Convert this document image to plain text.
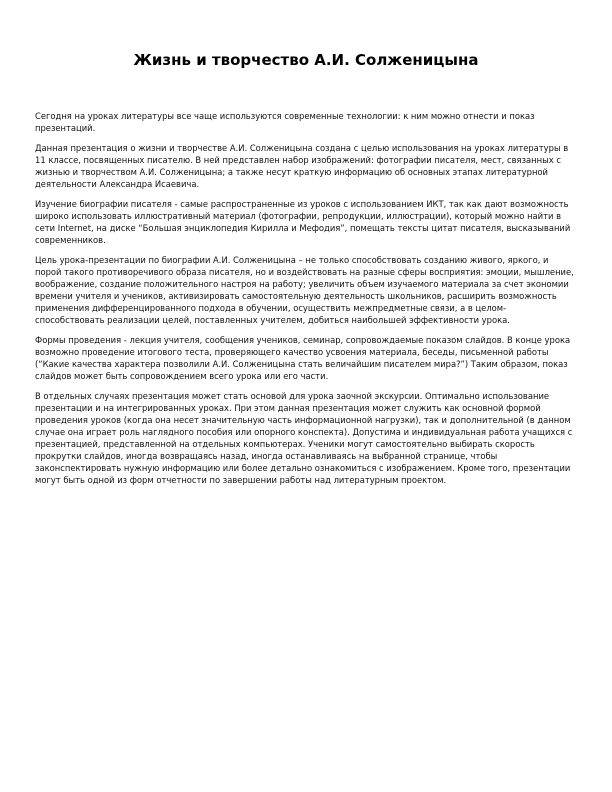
Жизнь и творчество А.И. Солженицына

Сегодня на уроках литературы все чаще используются современные технологии: к ним можно отнести и показ презентаций.

Данная презентация о жизни и творчестве А.И. Солженицына создана с целью использования на уроках литературы в 11 классе, посвященных писателю. В ней представлен набор изображений: фотографии писателя, мест, связанных с жизнью и творчеством А.И. Солженицына; а также несут краткую информацию об основных этапах литературной деятельности Александра Исаевича.

Изучение биографии писателя - самые распространенные из уроков с использованием ИКТ, так как дают возможность широко использовать иллюстративный материал (фотографии, репродукции, иллюстрации), который можно найти в сети Internet, на диске “Большая энциклопедия Кирилла и Мефодия”, помещать тексты цитат писателя, высказываний современников.

Цель урока-презентации по биографии А.И. Солженицына – не только способствовать созданию живого, яркого, и порой такого противоречивого образа писателя, но и воздействовать на разные сферы восприятия: эмоции, мышление, воображение, создание положительного настроя на работу; увеличить объем изучаемого материала за счет экономии времени учителя и учеников, активизировать самостоятельную деятельность школьников, расширить возможность применения дифференцированного подхода в обучении, осуществить межпредметные связи, а в целом- способствовать реализации целей, поставленных учителем, добиться наибольшей эффективности урока.

Формы проведения - лекция учителя, сообщения учеников, семинар, сопровождаемые показом слайдов. В конце урока возможно проведение итогового теста, проверяющего качество усвоения материала, беседы, письменной работы (“Какие качества характера позволили А.И. Солженицына стать величайшим писателем мира?”) Таким образом, показ слайдов может быть сопровождением всего урока или его части.

В отдельных случаях презентация может стать основой для урока заочной экскурсии. Оптимально использование презентации и на интегрированных уроках. При этом данная презентация может служить как основной формой проведения уроков (когда она несет значительную часть информационной нагрузки), так и дополнительной (в данном случае она играет роль наглядного пособия или опорного конспекта). Допустима и индивидуальная работа учащихся с презентацией, представленной на отдельных компьютерах. Ученики могут самостоятельно выбирать скорость прокрутки слайдов, иногда возвращаясь назад, иногда останавливаясь на выбранной странице, чтобы законспектировать нужную информацию или более детально ознакомиться с изображением. Кроме того, презентации могут быть одной из форм отчетности по завершении работы над литературным проектом.
